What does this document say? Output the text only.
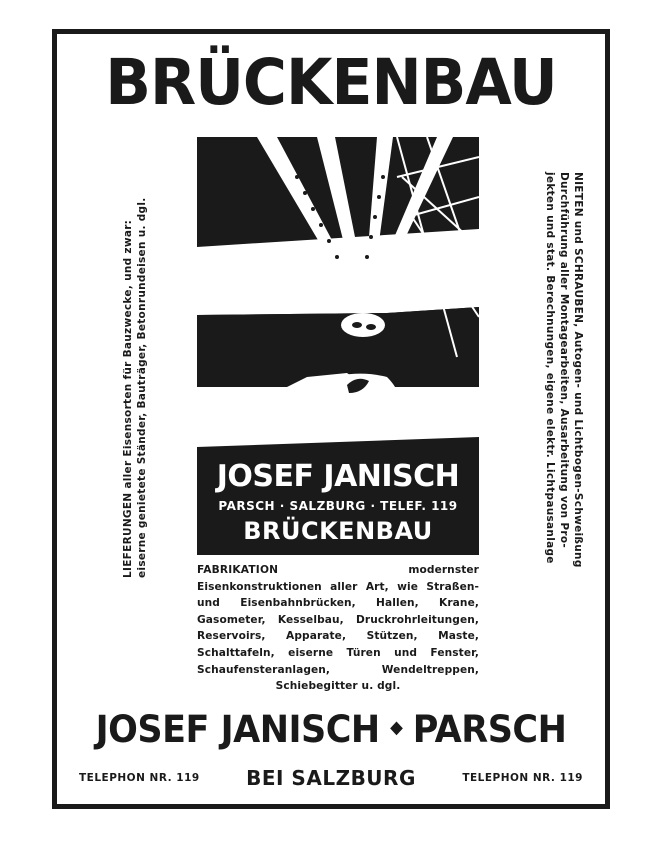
BRÜCKENBAU
LIEFERUNGEN aller Eisensorten für Bauzwecke, und zwar: eiserne genietete Ständer, Bauträger, Betonrundeisen u. dgl.	NIETEN und SCHRAUBEN, Autogen- und Lichtbogen-Schweißung
Durchführung aller Montagearbeiten, Ausarbeitung von Pro-
jekten und stat. Berechnungen, eigene elektr. Lichtpausanlage
JOSEF JANISCH
PARSCH · SALZBURG · TELEF. 119
BRÜCKENBAU
FABRIKATION modernster Eisenkonstruktionen aller Art, wie Straßen- und Eisenbahnbrücken, Hallen, Krane, Gasometer, Kesselbau, Druckrohrleitungen, Reservoirs, Apparate, Stützen, Maste, Schalttafeln, eiserne Türen und Fenster, Schaufensteranlagen, Wendeltreppen, Schiebegitter u. dgl.
JOSEF JANISCH PARSCH
TELEPHON NR. 119	BEI SALZBURG	TELEPHON NR. 119
